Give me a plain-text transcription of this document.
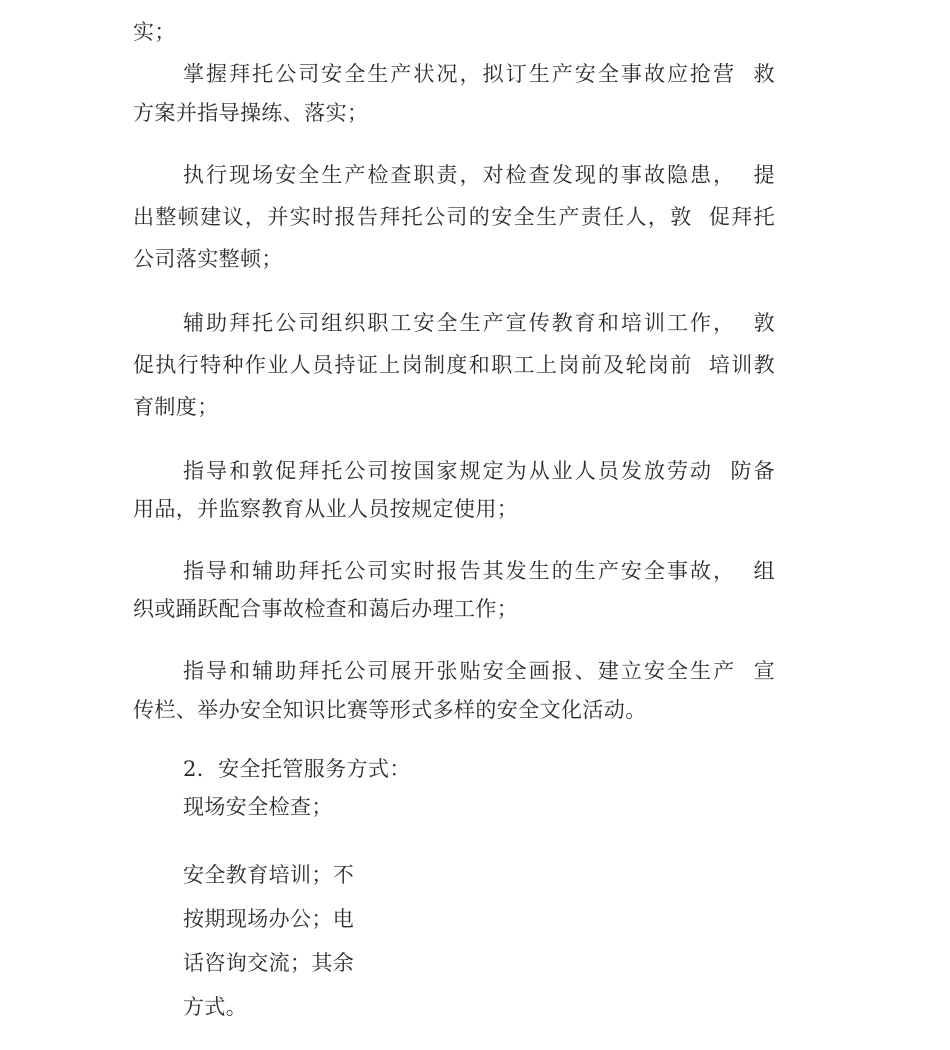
实；
掌握拜托公司安全生产状况，拟订生产安全事故应抢营  救
方案并指导操练、落实；
执行现场安全生产检查职责，对检查发现的事故隐患，  提
出整顿建议，并实时报告拜托公司的安全生产责任人，敦  促拜托
公司落实整顿；
辅助拜托公司组织职工安全生产宣传教育和培训工作，  敦
促执行特种作业人员持证上岗制度和职工上岗前及轮岗前  培训教
育制度；
指导和敦促拜托公司按国家规定为从业人员发放劳动  防备
用品，并监察教育从业人员按规定使用；
指导和辅助拜托公司实时报告其发生的生产安全事故，  组
织或踊跃配合事故检查和蔼后办理工作；
指导和辅助拜托公司展开张贴安全画报、建立安全生产  宣
传栏、举办安全知识比赛等形式多样的安全文化活动。
2．安全托管服务方式：
现场安全检查；
安全教育培训；不
按期现场办公；电
话咨询交流；其余
方式。
